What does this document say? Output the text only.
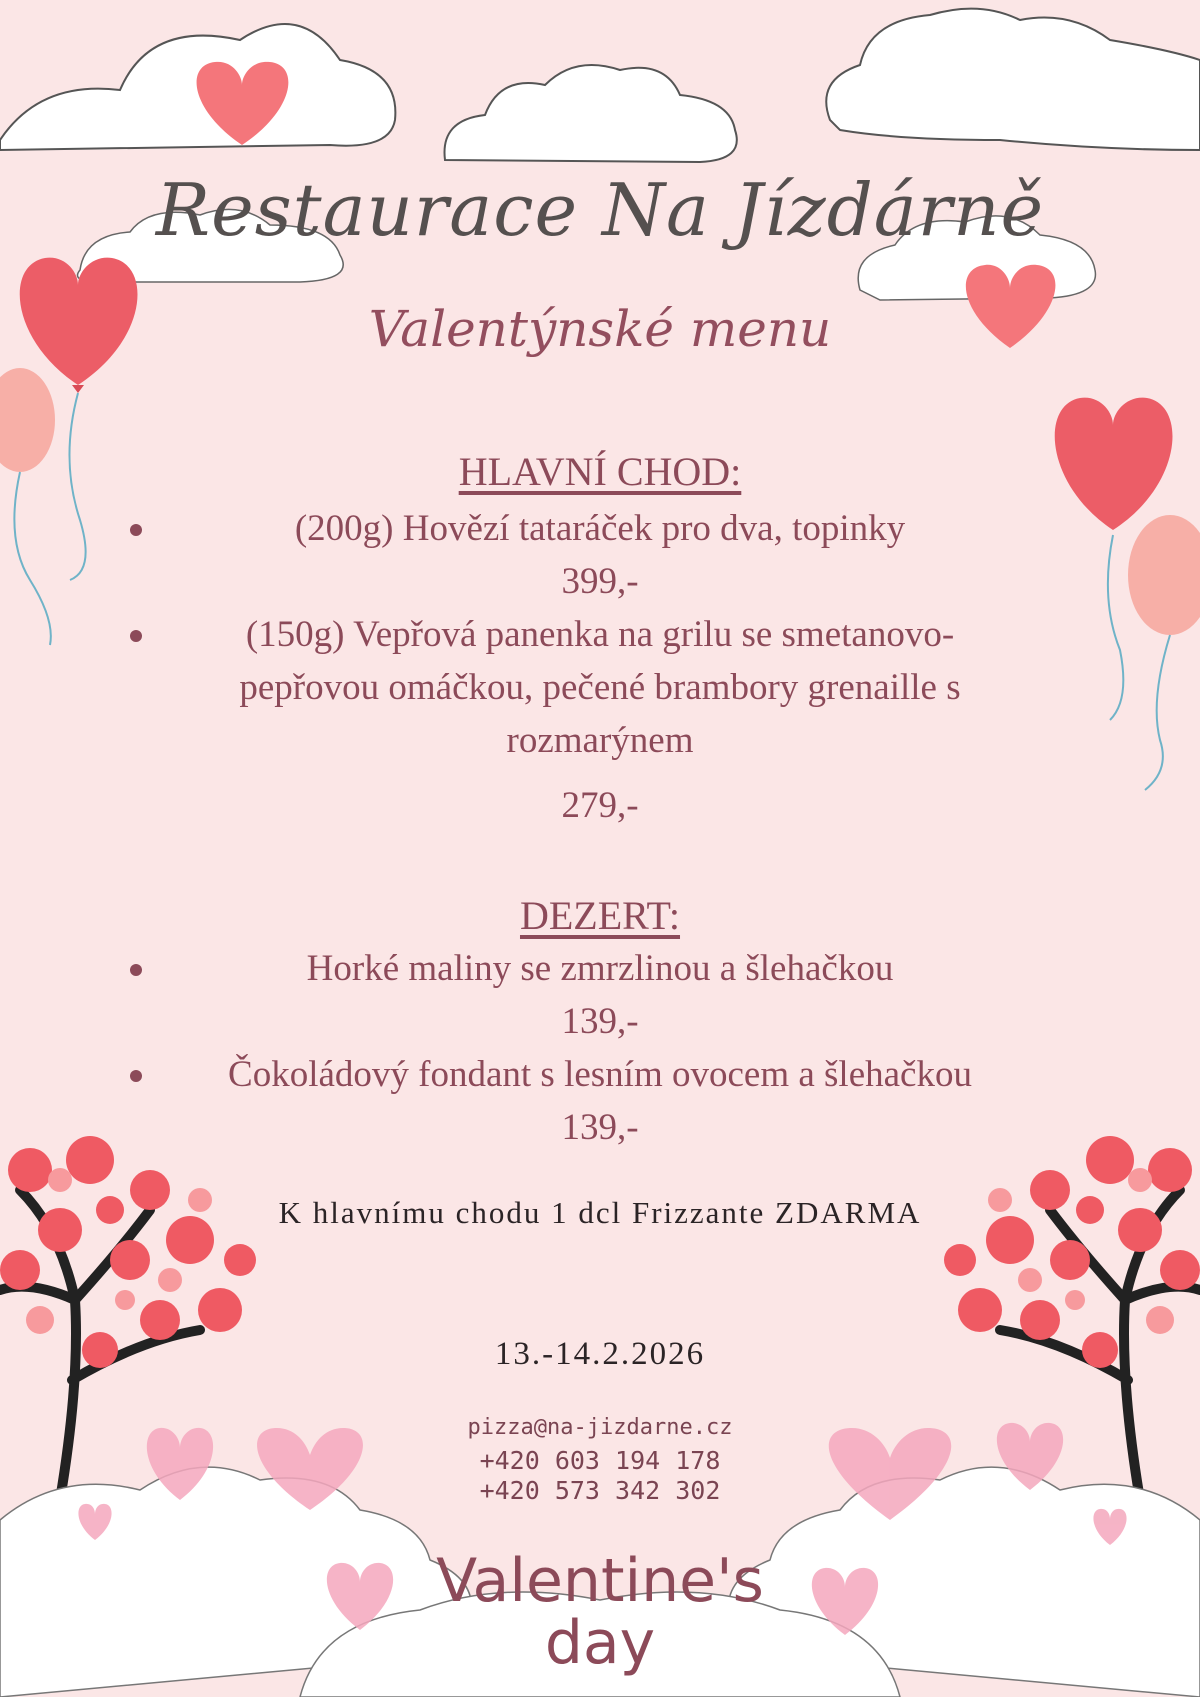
Restaurace Na Jízdárně
Valentýnské menu
HLAVNÍ CHOD:
(200g) Hovězí tataráček pro dva, topinky
399,-
(150g) Vepřová panenka na grilu se smetanovo-
pepřovou omáčkou, pečené brambory grenaille s
rozmarýnem
279,-
DEZERT:
Horké maliny se zmrzlinou a šlehačkou
139,-
Čokoládový fondant s lesním ovocem a šlehačkou
139,-
K hlavnímu chodu 1 dcl Frizzante ZDARMA
13.-14.2.2026
pizza@na-jizdarne.cz
+420 603 194 178
+420 573 342 302
Valentine's
day
